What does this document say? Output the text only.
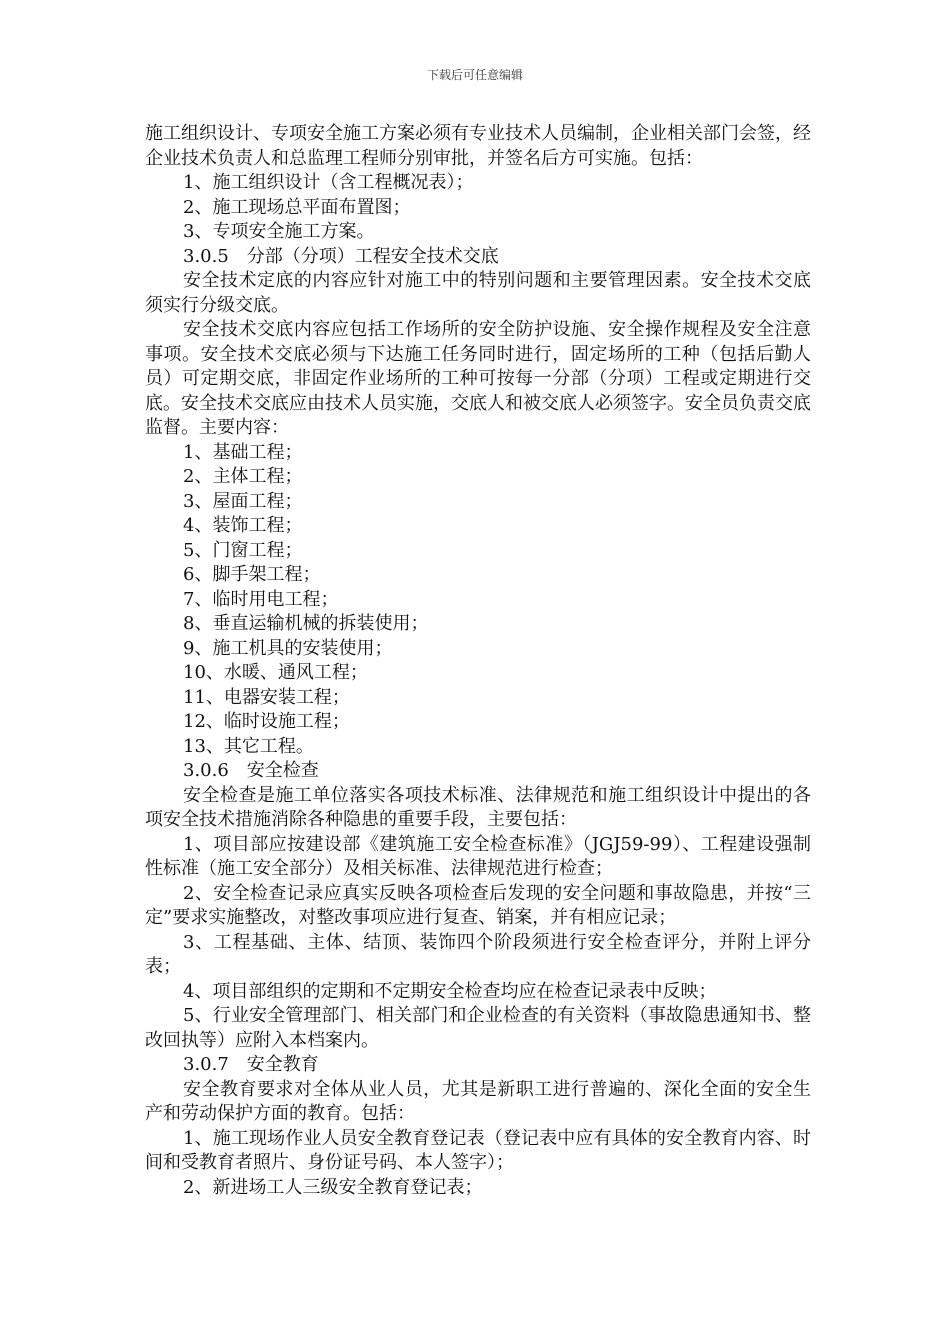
下载后可任意编辑

施工组织设计、专项安全施工方案必须有专业技术人员编制，企业相关部门会签，经企业技术负责人和总监理工程师分别审批，并签名后方可实施。包括：

1、施工组织设计（含工程概况表）；

2、施工现场总平面布置图；

3、专项安全施工方案。

3.0.5　分部（分项）工程安全技术交底

安全技术定底的内容应针对施工中的特别问题和主要管理因素。安全技术交底须实行分级交底。

安全技术交底内容应包括工作场所的安全防护设施、安全操作规程及安全注意事项。安全技术交底必须与下达施工任务同时进行，固定场所的工种（包括后勤人员）可定期交底，非固定作业场所的工种可按每一分部（分项）工程或定期进行交底。安全技术交底应由技术人员实施，交底人和被交底人必须签字。安全员负责交底监督。主要内容：

1、基础工程；

2、主体工程；

3、屋面工程；

4、装饰工程；

5、门窗工程；

6、脚手架工程；

7、临时用电工程；

8、垂直运输机械的拆装使用；

9、施工机具的安装使用；

10、水暖、通风工程；

11、电器安装工程；

12、临时设施工程；

13、其它工程。

3.0.6　安全检查

安全检查是施工单位落实各项技术标准、法律规范和施工组织设计中提出的各项安全技术措施消除各种隐患的重要手段，主要包括：

1、项目部应按建设部《建筑施工安全检查标准》（JGJ59-99）、工程建设强制性标准（施工安全部分）及相关标准、法律规范进行检查；

2、安全检查记录应真实反映各项检查后发现的安全问题和事故隐患，并按“三定”要求实施整改，对整改事项应进行复查、销案，并有相应记录；

3、工程基础、主体、结顶、装饰四个阶段须进行安全检查评分，并附上评分表；

4、项目部组织的定期和不定期安全检查均应在检查记录表中反映；

5、行业安全管理部门、相关部门和企业检查的有关资料（事故隐患通知书、整改回执等）应附入本档案内。

3.0.7　安全教育

安全教育要求对全体从业人员，尤其是新职工进行普遍的、深化全面的安全生产和劳动保护方面的教育。包括：

1、施工现场作业人员安全教育登记表（登记表中应有具体的安全教育内容、时间和受教育者照片、身份证号码、本人签字）；

2、新进场工人三级安全教育登记表；
